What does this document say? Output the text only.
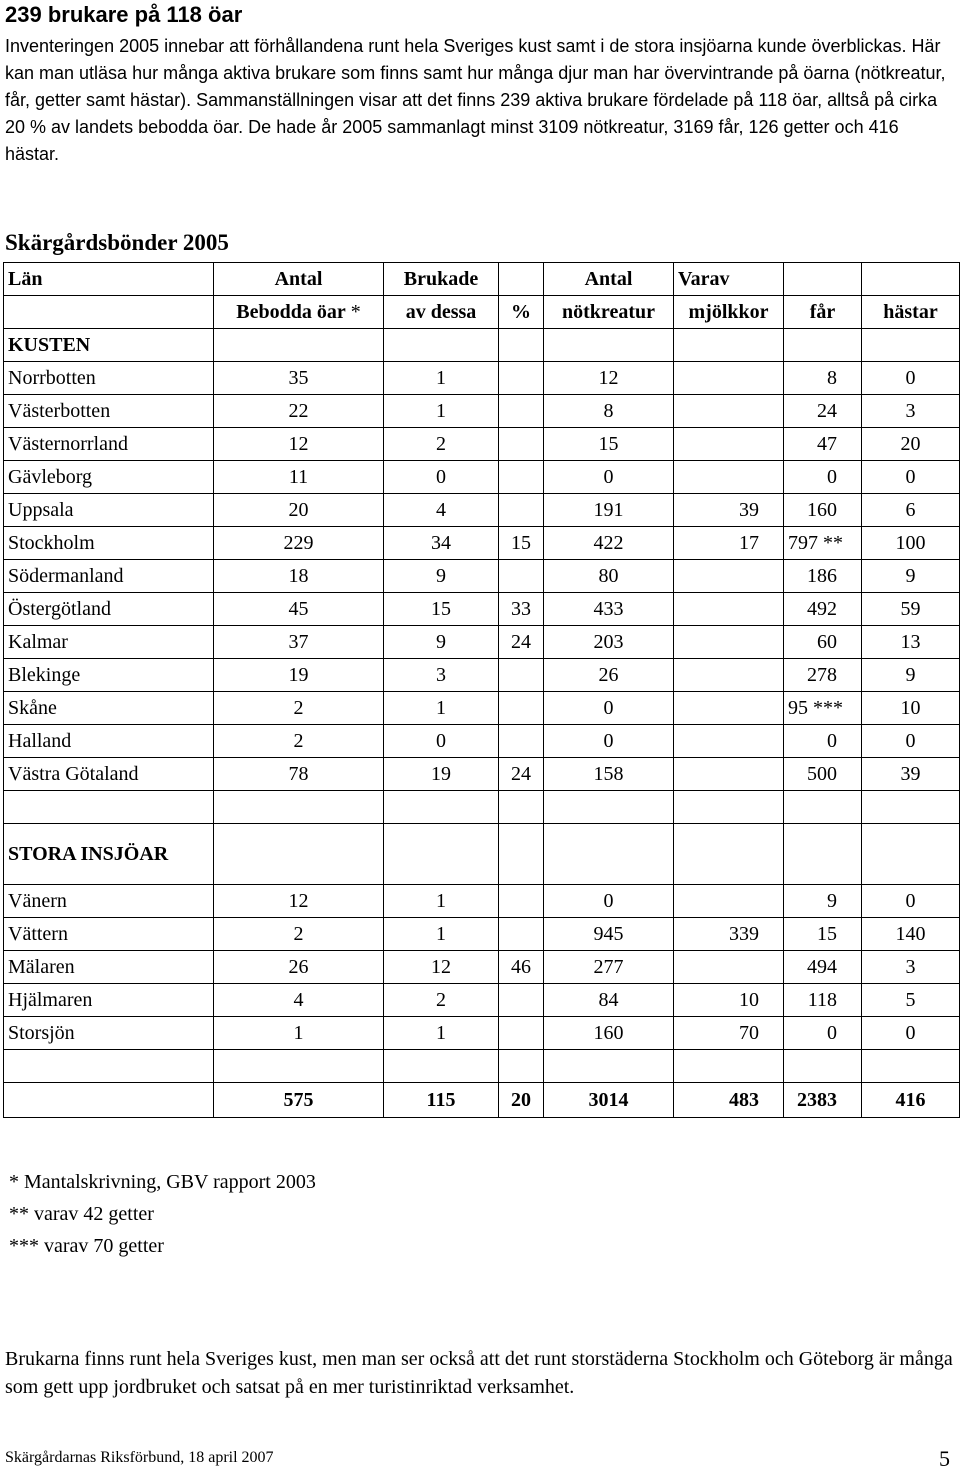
239 brukare på 118 öar

Inventeringen 2005 innebar att förhållandena runt hela Sveriges kust samt i de stora insjöarna kunde överblickas. Här kan man utläsa hur många aktiva brukare som finns samt hur många djur man har övervintrande på öarna (nötkreatur, får, getter samt hästar). Sammanställningen visar att det finns 239 aktiva brukare fördelade på 118 öar, alltså på cirka 20 % av landets bebodda öar. De hade år 2005 sammanlagt minst 3109 nötkreatur, 3169 får, 126 getter och 416 hästar.

Skärgårdsbönder 2005

Län	Antal	Brukade		Antal	Varav		
	Bebodda öar *	av dessa	%	nötkreatur	mjölkkor	får	hästar
KUSTEN							
Norrbotten	35	1		12		8	0
Västerbotten	22	1		8		24	3
Västernorrland	12	2		15		47	20
Gävleborg	11	0		0		0	0
Uppsala	20	4		191	39	160	6
Stockholm	229	34	15	422	17	797 **	100
Södermanland	18	9		80		186	9
Östergötland	45	15	33	433		492	59
Kalmar	37	9	24	203		60	13
Blekinge	19	3		26		278	9
Skåne	2	1		0		95 ***	10
Halland	2	0		0		0	0
Västra Götaland	78	19	24	158		500	39

STORA INSJÖAR							
Vänern	12	1		0		9	0
Vättern	2	1		945	339	15	140
Mälaren	26	12	46	277		494	3
Hjälmaren	4	2		84	10	118	5
Storsjön	1	1		160	70	0	0

	575	115	20	3014	483	2383	416
* Mantalskrivning, GBV rapport 2003
** varav 42 getter
*** varav 70 getter

Brukarna finns runt hela Sveriges kust, men man ser också att det runt storstäderna Stockholm och Göteborg är många som gett upp jordbruket och satsat på en mer turistinriktad verksamhet.

Skärgårdarnas Riksförbund, 18 april 2007	5
